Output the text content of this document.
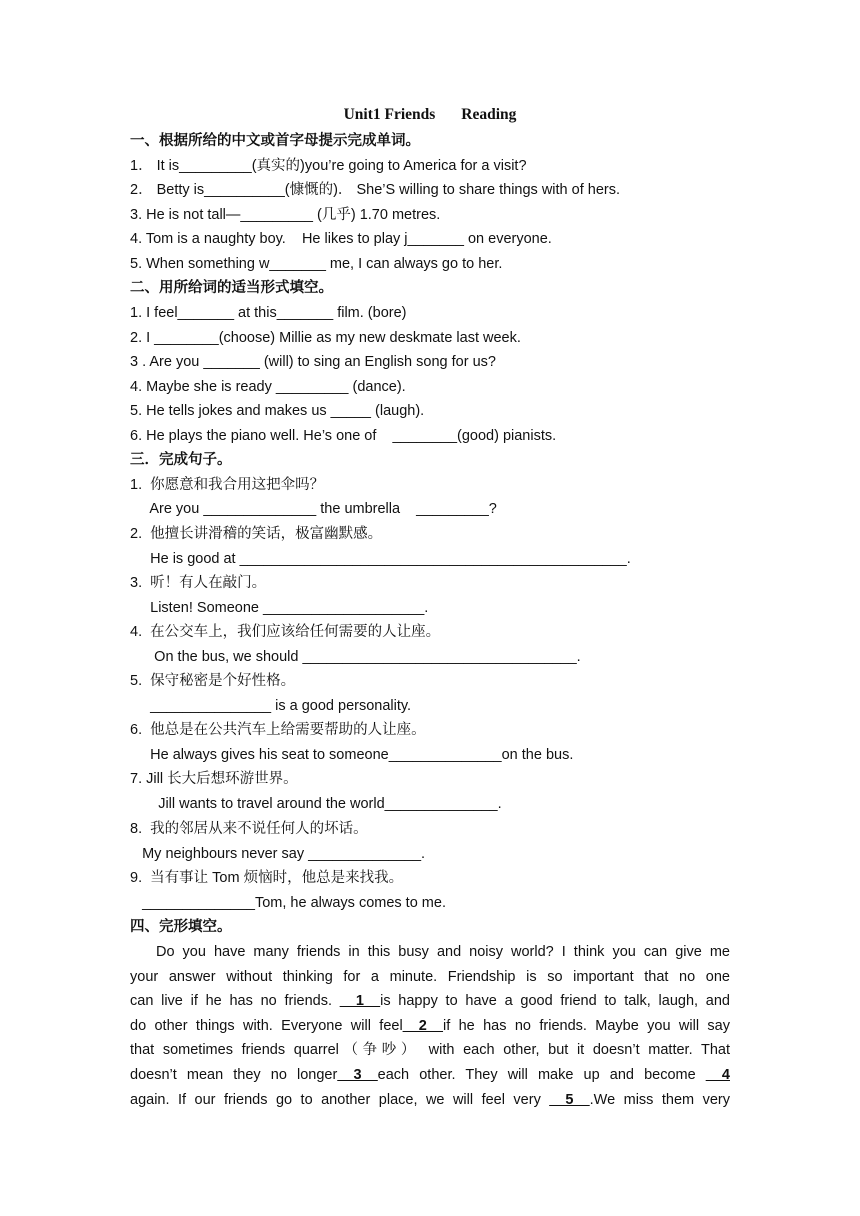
Unit1 Friends Reading
一、根据所给的中文或首字母提示完成单词。
1． It is_________(真实的)you’re going to America for a visit?
2． Betty is__________(慷慨的)． She’S willing to share things with of hers.
3. He is not tall—_________ (几乎) 1.70 metres.
4. Tom is a naughty boy.    He likes to play j_______ on everyone.
5. When something w_______ me, I can always go to her.
二、用所给词的适当形式填空。
1. I feel_______ at this_______ film. (bore)
2. I ________(choose) Millie as my new deskmate last week.
3 . Are you _______ (will) to sing an English song for us?
4. Maybe she is ready _________ (dance).
5. He tells jokes and makes us _____ (laugh).
6. He plays the piano well. He’s one of    ________(good) pianists.
三．完成句子。
1.  你愿意和我合用这把伞吗？
Are you ______________ the umbrella    _________?
2.  他擅长讲滑稽的笑话，极富幽默感。
He is good at ________________________________________________.
3.  听！有人在敲门。
Listen! Someone ____________________.
4.  在公交车上，我们应该给任何需要的人让座。
On the bus, we should __________________________________.
5.  保守秘密是个好性格。
_______________ is a good personality.
6.  他总是在公共汽车上给需要帮助的人让座。
He always gives his seat to someone______________on the bus.
7. Jill 长大后想环游世界。
Jill wants to travel around the world______________.
8.  我的邻居从来不说任何人的坏话。
My neighbours never say ______________.
9.  当有事让 Tom 烦恼时，他总是来找我。
______________Tom, he always comes to me.
四、完形填空。
Do you have many friends in this busy and noisy world? I think you can give me
your answer without thinking for a minute. Friendship is so important that no one
can live if he has no friends. __1__is happy to have a good friend to talk, laugh, and
do other things with. Everyone will feel__2__if he has no friends. Maybe you will say
that sometimes friends quarrel（争吵） with each other, but it doesn’t matter. That
doesn’t mean they no longer__3__each other. They will make up and become __4
again. If our friends go to another place, we will feel very __5__.We miss them very
